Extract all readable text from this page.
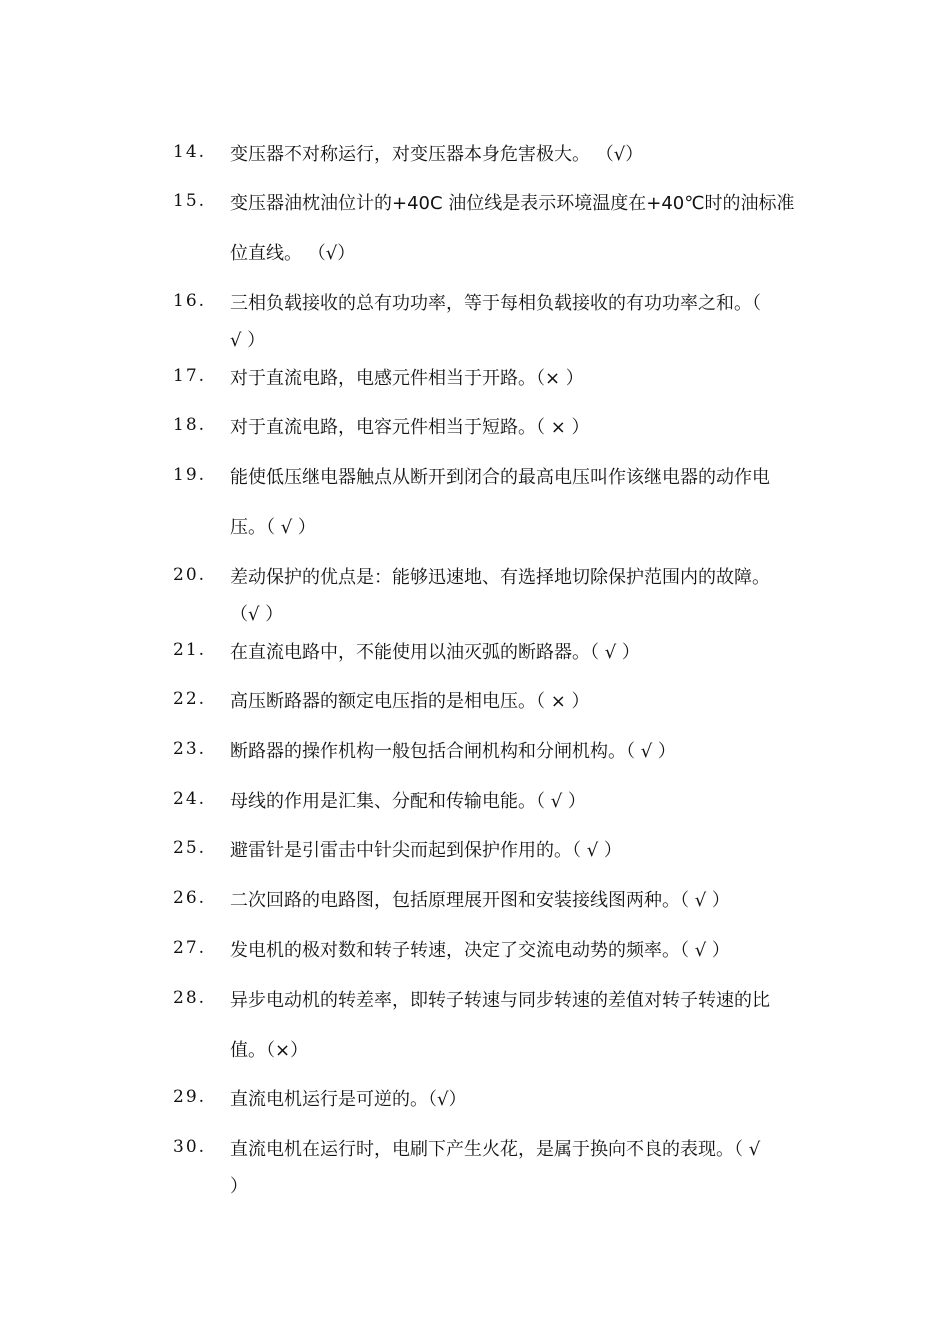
14. 变压器不对称运行，对变压器本身危害极大。 （√）
15. 变压器油枕油位计的+40C 油位线是表示环境温度在+40℃时的油标准
位直线。 （√）
16. 三相负载接收的总有功功率，等于每相负载接收的有功功率之和。（
√ ）
17. 对于直流电路，电感元件相当于开路。（× ）
18. 对于直流电路，电容元件相当于短路。（ × ）
19. 能使低压继电器触点从断开到闭合的最高电压叫作该继电器的动作电
压。（ √ ）
20. 差动保护的优点是：能够迅速地、有选择地切除保护范围内的故障。
（√ ）
21. 在直流电路中，不能使用以油灭弧的断路器。（ √ ）
22. 高压断路器的额定电压指的是相电压。（ × ）
23. 断路器的操作机构一般包括合闸机构和分闸机构。（ √ ）
24. 母线的作用是汇集、分配和传输电能。（ √ ）
25. 避雷针是引雷击中针尖而起到保护作用的。（ √ ）
26. 二次回路的电路图，包括原理展开图和安装接线图两种。（ √ ）
27. 发电机的极对数和转子转速，决定了交流电动势的频率。（ √ ）
28. 异步电动机的转差率，即转子转速与同步转速的差值对转子转速的比
值。（×）
29. 直流电机运行是可逆的。（√）
30. 直流电机在运行时，电刷下产生火花，是属于换向不良的表现。（ √
）
